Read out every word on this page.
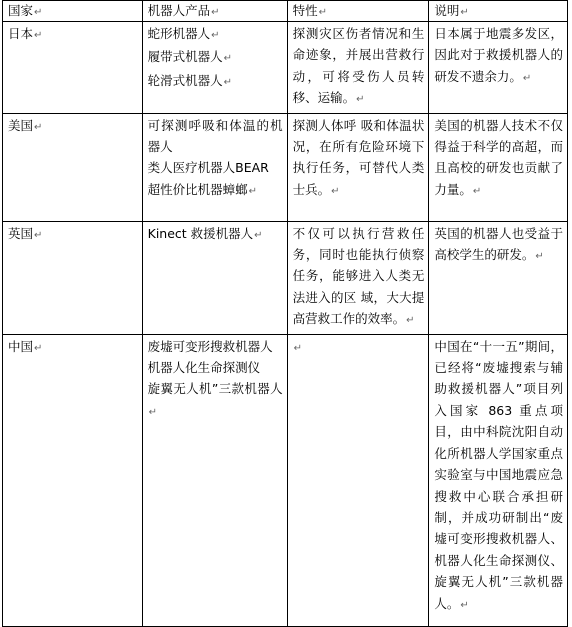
国家↵	机器人产品↵	特性↵	说明↵
日本↵	蛇形机器人↵
履带式机器人↵
轮滑式机器人↵	探测灾区伤者情况和生命迹象，并展出营救行动，可将受伤人员转移、运输。↵	日本属于地震多发区，因此对于救援机器人的研发不遗余力。↵
美国↵	可探测呼吸和体温的机器人
类人医疗机器人BEAR
超性价比机器蟑螂↵	探测人体呼 吸和体温状况，在所有危险环境下执行任务，可替代人类士兵。↵	美国的机器人技术不仅得益于科学的高超，而且高校的研发也贡献了力量。↵
英国↵	Kinect 救援机器人↵	不仅可以执行营救任务，同时也能执行侦察任务，能够进入人类无法进入的区 域，大大提高营救工作的效率。↵	英国的机器人也受益于高校学生的研发。↵
中国↵	废墟可变形搜救机器人
机器人化生命探测仪
旋翼无人机”三款机器人↵	↵	中国在“十一五”期间，已经将“废墟搜索与辅助救援机器人”项目列入国家 863 重点项目，由中科院沈阳自动化所机器人学国家重点实验室与中国地震应急搜救中心联合承担研制，并成功研制出“废墟可变形搜救机器人、机器人化生命探测仪、旋翼无人机”三款机器人。↵
